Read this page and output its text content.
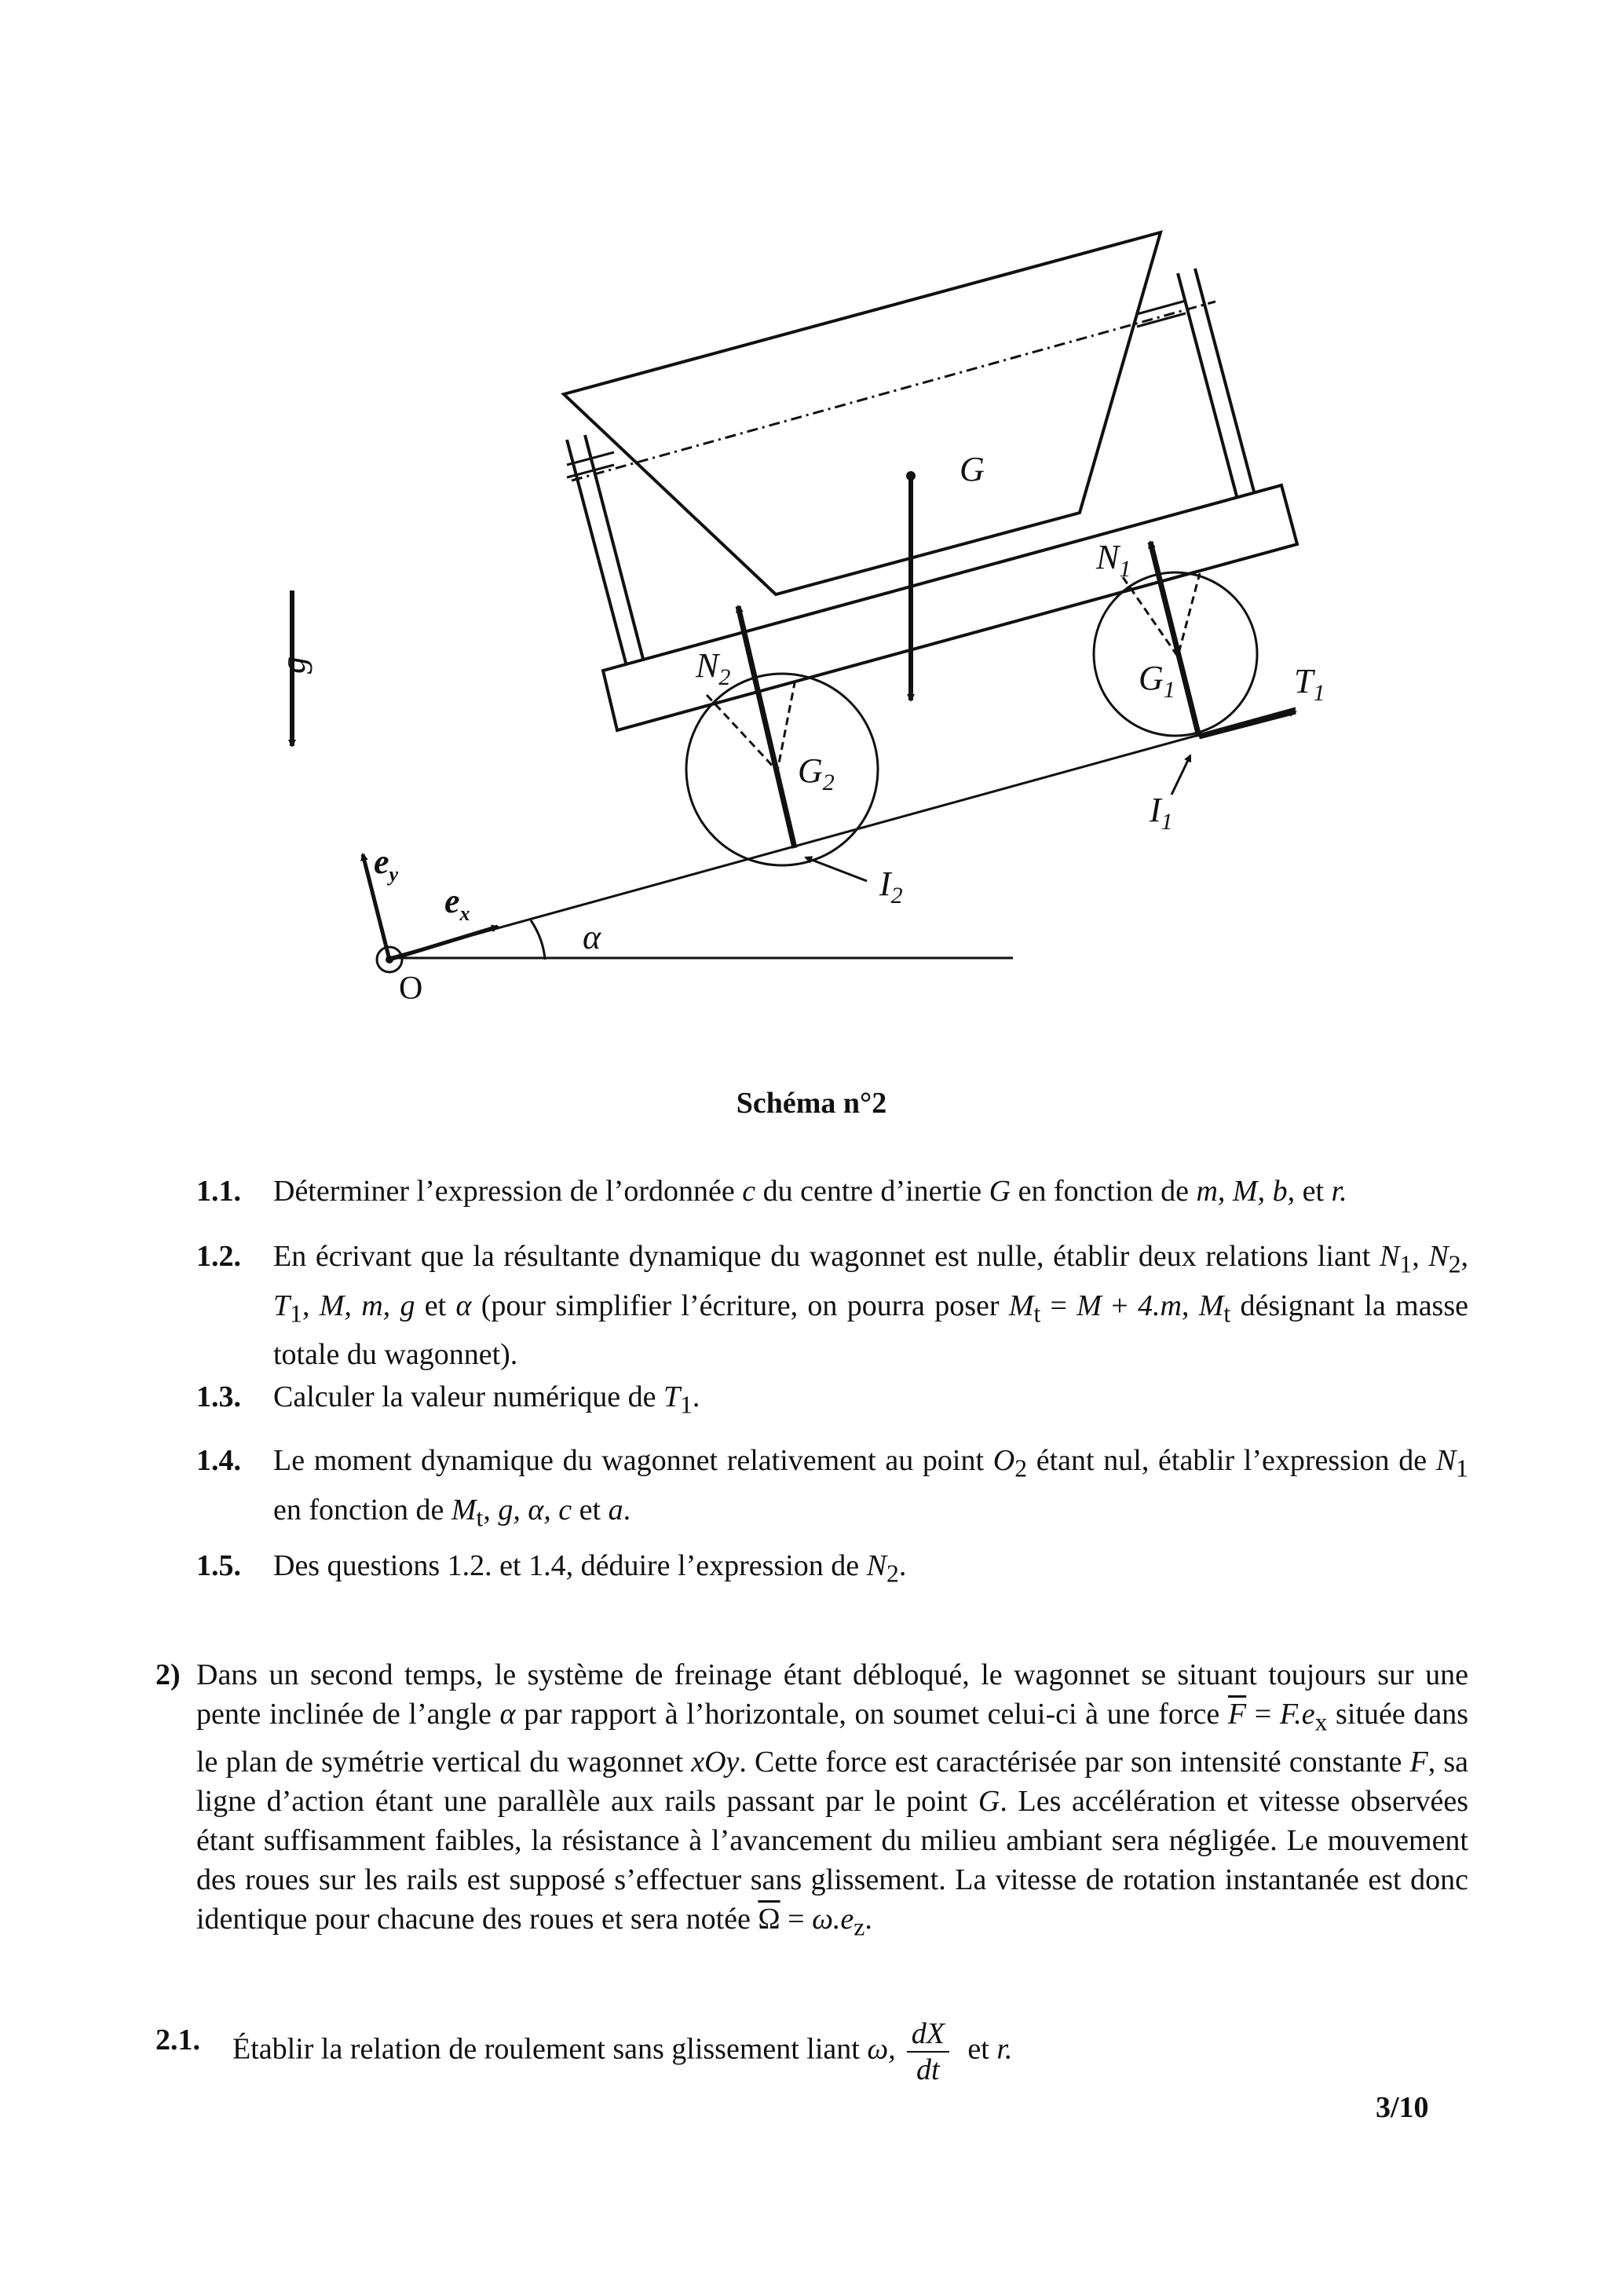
g
G
$N_1$
$N_2$	$G_1$
$G_2$
$T_1$
$I_1$
$I_2$
$e_y$
$e_x$
α
O
Schéma n°2
1.1. Déterminer l’expression de l’ordonnée c du centre d’inertie G en fonction de m, M, b, et r.
1.2. En écrivant que la résultante dynamique du wagonnet est nulle, établir deux relations liant $N_1$, $N_2$, $T_1$, M, m, g et α (pour simplifier l’écriture, on pourra poser $M_t = M + 4.m$, $M_t$ désignant la masse totale du wagonnet).
1.3. Calculer la valeur numérique de $T_1$.
1.4. Le moment dynamique du wagonnet relativement au point $O_2$ étant nul, établir l’expression de $N_1$ en fonction de $M_t$, g, α, c et a.
1.5. Des questions 1.2. et 1.4, déduire l’expression de $N_2$.
2) Dans un second temps, le système de freinage étant débloqué, le wagonnet se situant toujours sur une pente inclinée de l’angle α par rapport à l’horizontale, on soumet celui-ci à une force $\overline{F} = F.e_x$ située dans le plan de symétrie vertical du wagonnet xOy. Cette force est caractérisée par son intensité constante F, sa ligne d’action étant une parallèle aux rails passant par le point G. Les accélération et vitesse observées étant suffisamment faibles, la résistance à l’avancement du milieu ambiant sera négligée. Le mouvement des roues sur les rails est supposé s’effectuer sans glissement. La vitesse de rotation instantanée est donc identique pour chacune des roues et sera notée $\overline{\Omega} = \omega.e_z$.
2.1. Établir la relation de roulement sans glissement liant ω, $\frac{dX}{dt}$ et r.
3/10
